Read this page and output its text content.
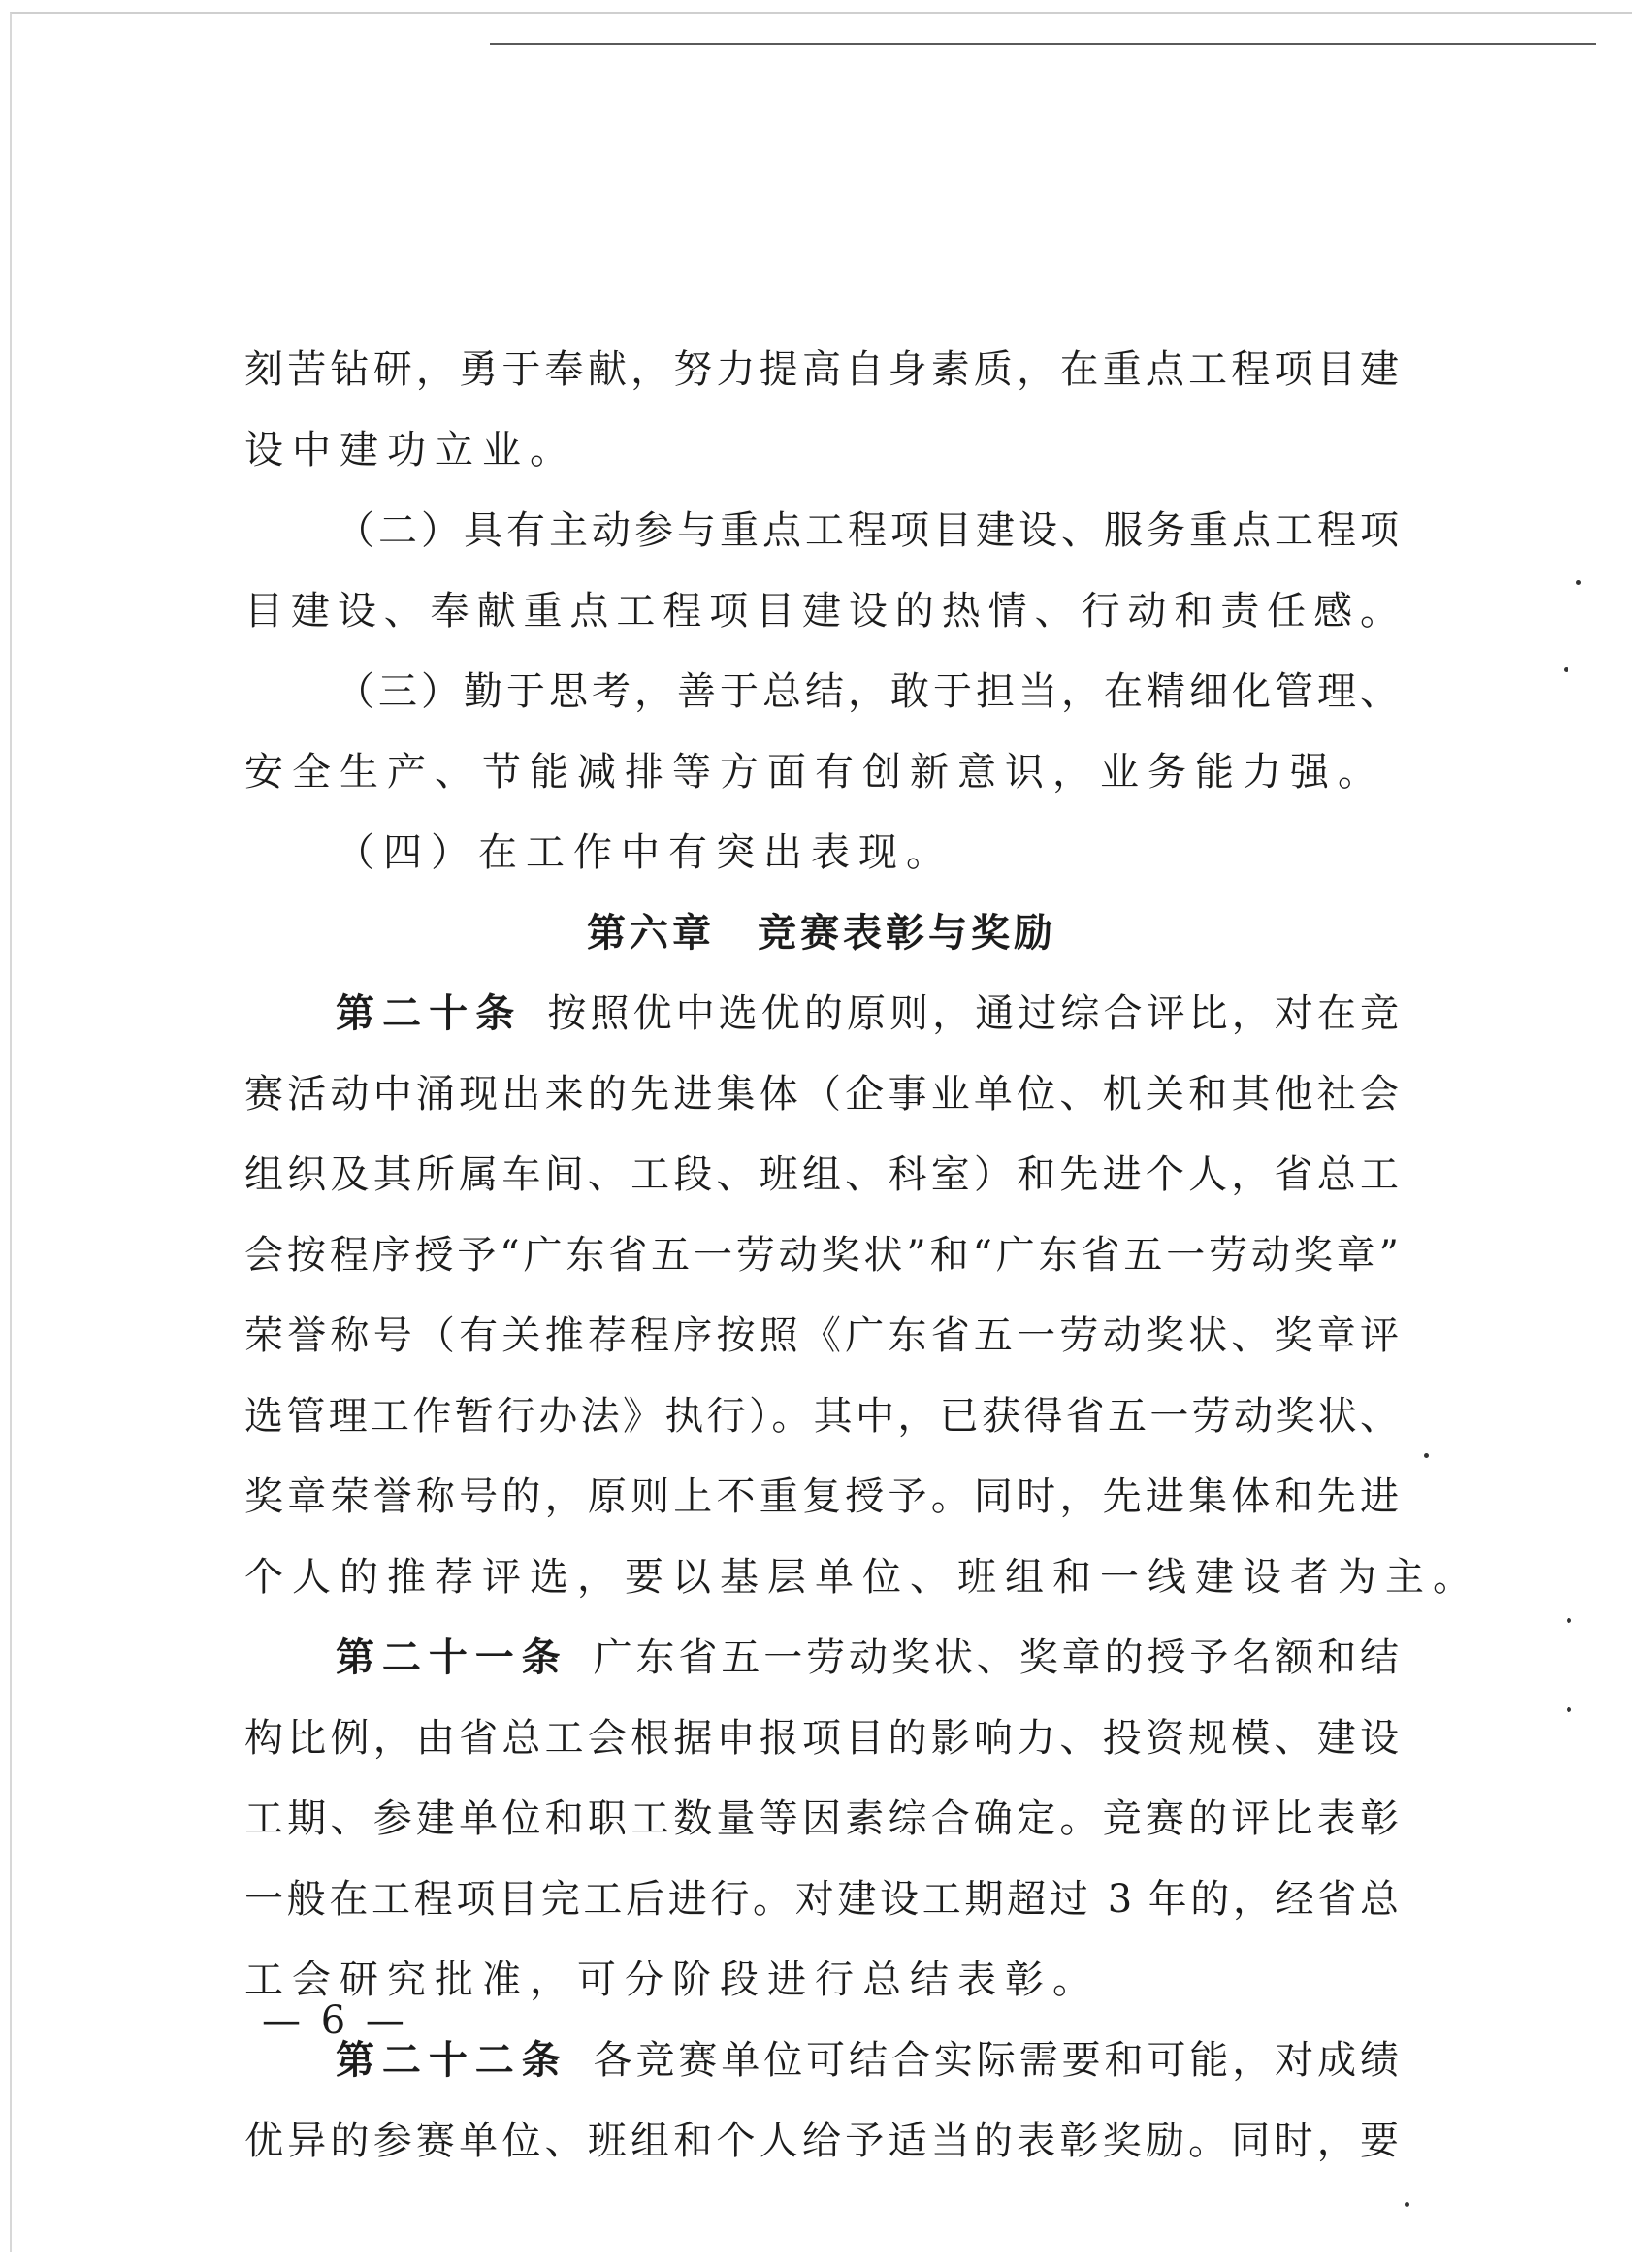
刻苦钻研，勇于奉献，努力提高自身素质，在重点工程项目建

设中建功立业。

（二）具有主动参与重点工程项目建设、服务重点工程项

目建设、奉献重点工程项目建设的热情、行动和责任感。

（三）勤于思考，善于总结，敢于担当，在精细化管理、

安全生产、节能减排等方面有创新意识，业务能力强。

（四）在工作中有突出表现。

第六章　竞赛表彰与奖励

第二十条 按照优中选优的原则，通过综合评比，对在竞

赛活动中涌现出来的先进集体（企事业单位、机关和其他社会

组织及其所属车间、工段、班组、科室）和先进个人，省总工

会按程序授予“广东省五一劳动奖状”和“广东省五一劳动奖章”

荣誉称号（有关推荐程序按照《广东省五一劳动奖状、奖章评

选管理工作暂行办法》执行）。其中，已获得省五一劳动奖状、

奖章荣誉称号的，原则上不重复授予。同时，先进集体和先进

个人的推荐评选，要以基层单位、班组和一线建设者为主。

第二十一条 广东省五一劳动奖状、奖章的授予名额和结

构比例，由省总工会根据申报项目的影响力、投资规模、建设

工期、参建单位和职工数量等因素综合确定。竞赛的评比表彰

一般在工程项目完工后进行。对建设工期超过 3 年的，经省总

工会研究批准，可分阶段进行总结表彰。

第二十二条 各竞赛单位可结合实际需要和可能，对成绩

优异的参赛单位、班组和个人给予适当的表彰奖励。同时，要

— 6 —
